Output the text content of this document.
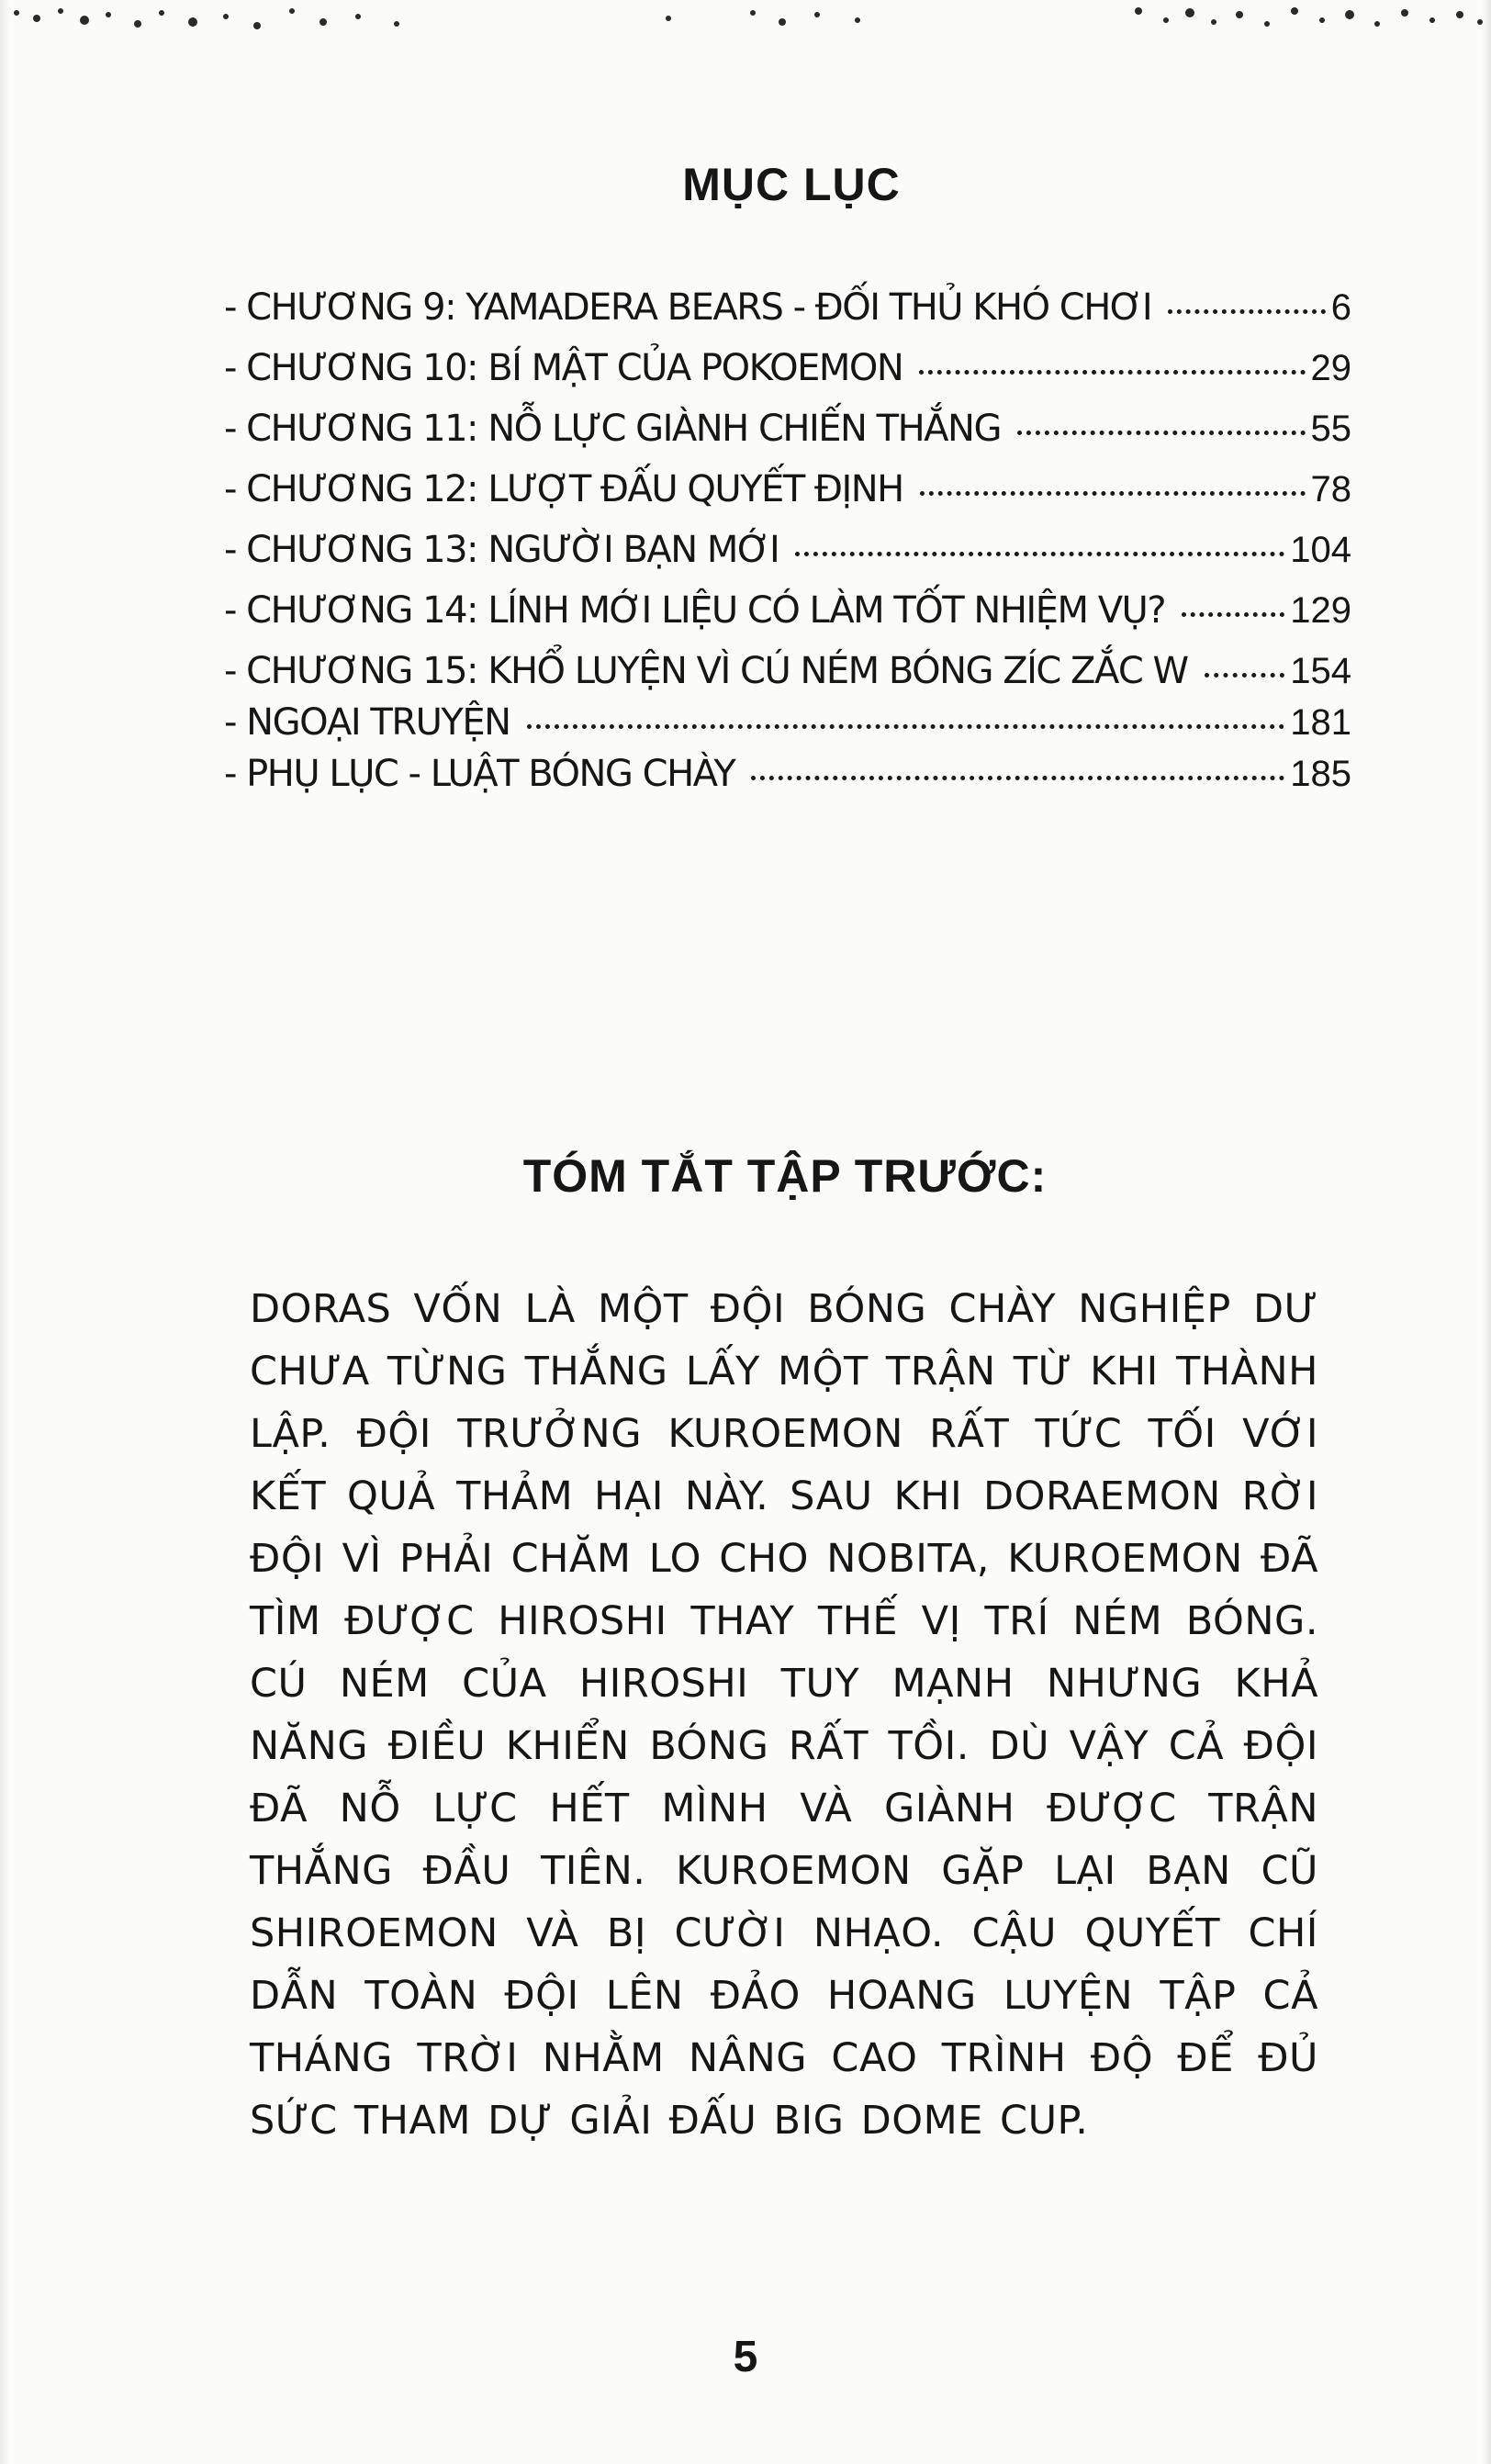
MỤC LỤC
- CHƯƠNG 9: YAMADERA BEARS - ĐỐI THỦ KHÓ CHƠI	6
- CHƯƠNG 10: BÍ MẬT CỦA POKOEMON	29
- CHƯƠNG 11: NỖ LỰC GIÀNH CHIẾN THẮNG	55
- CHƯƠNG 12: LƯỢT ĐẤU QUYẾT ĐỊNH	78
- CHƯƠNG 13: NGƯỜI BẠN MỚI	104
- CHƯƠNG 14: LÍNH MỚI LIỆU CÓ LÀM TỐT NHIỆM VỤ?	129
- CHƯƠNG 15: KHỔ LUYỆN VÌ CÚ NÉM BÓNG ZÍC ZẮC W	154
- NGOẠI TRUYỆN	181
- PHỤ LỤC - LUẬT BÓNG CHÀY	185
TÓM TẮT TẬP TRƯỚC:
DORAS VỐN LÀ MỘT ĐỘI BÓNG CHÀY NGHIỆP DƯ CHƯA TỪNG THẮNG LẤY MỘT TRẬN TỪ KHI THÀNH LẬP. ĐỘI TRƯỞNG KUROEMON RẤT TỨC TỐI VỚI KẾT QUẢ THẢM HẠI NÀY. SAU KHI DORAEMON RỜI ĐỘI VÌ PHẢI CHĂM LO CHO NOBITA, KUROEMON ĐÃ TÌM ĐƯỢC HIROSHI THAY THẾ VỊ TRÍ NÉM BÓNG. CÚ NÉM CỦA HIROSHI TUY MẠNH NHƯNG KHẢ NĂNG ĐIỀU KHIỂN BÓNG RẤT TỒI. DÙ VẬY CẢ ĐỘI ĐÃ NỖ LỰC HẾT MÌNH VÀ GIÀNH ĐƯỢC TRẬN THẮNG ĐẦU TIÊN. KUROEMON GẶP LẠI BẠN CŨ SHIROEMON VÀ BỊ CƯỜI NHẠO. CẬU QUYẾT CHÍ DẪN TOÀN ĐỘI LÊN ĐẢO HOANG LUYỆN TẬP CẢ THÁNG TRỜI NHẰM NÂNG CAO TRÌNH ĐỘ ĐỂ ĐỦ SỨC THAM DỰ GIẢI ĐẤU BIG DOME CUP.
5
